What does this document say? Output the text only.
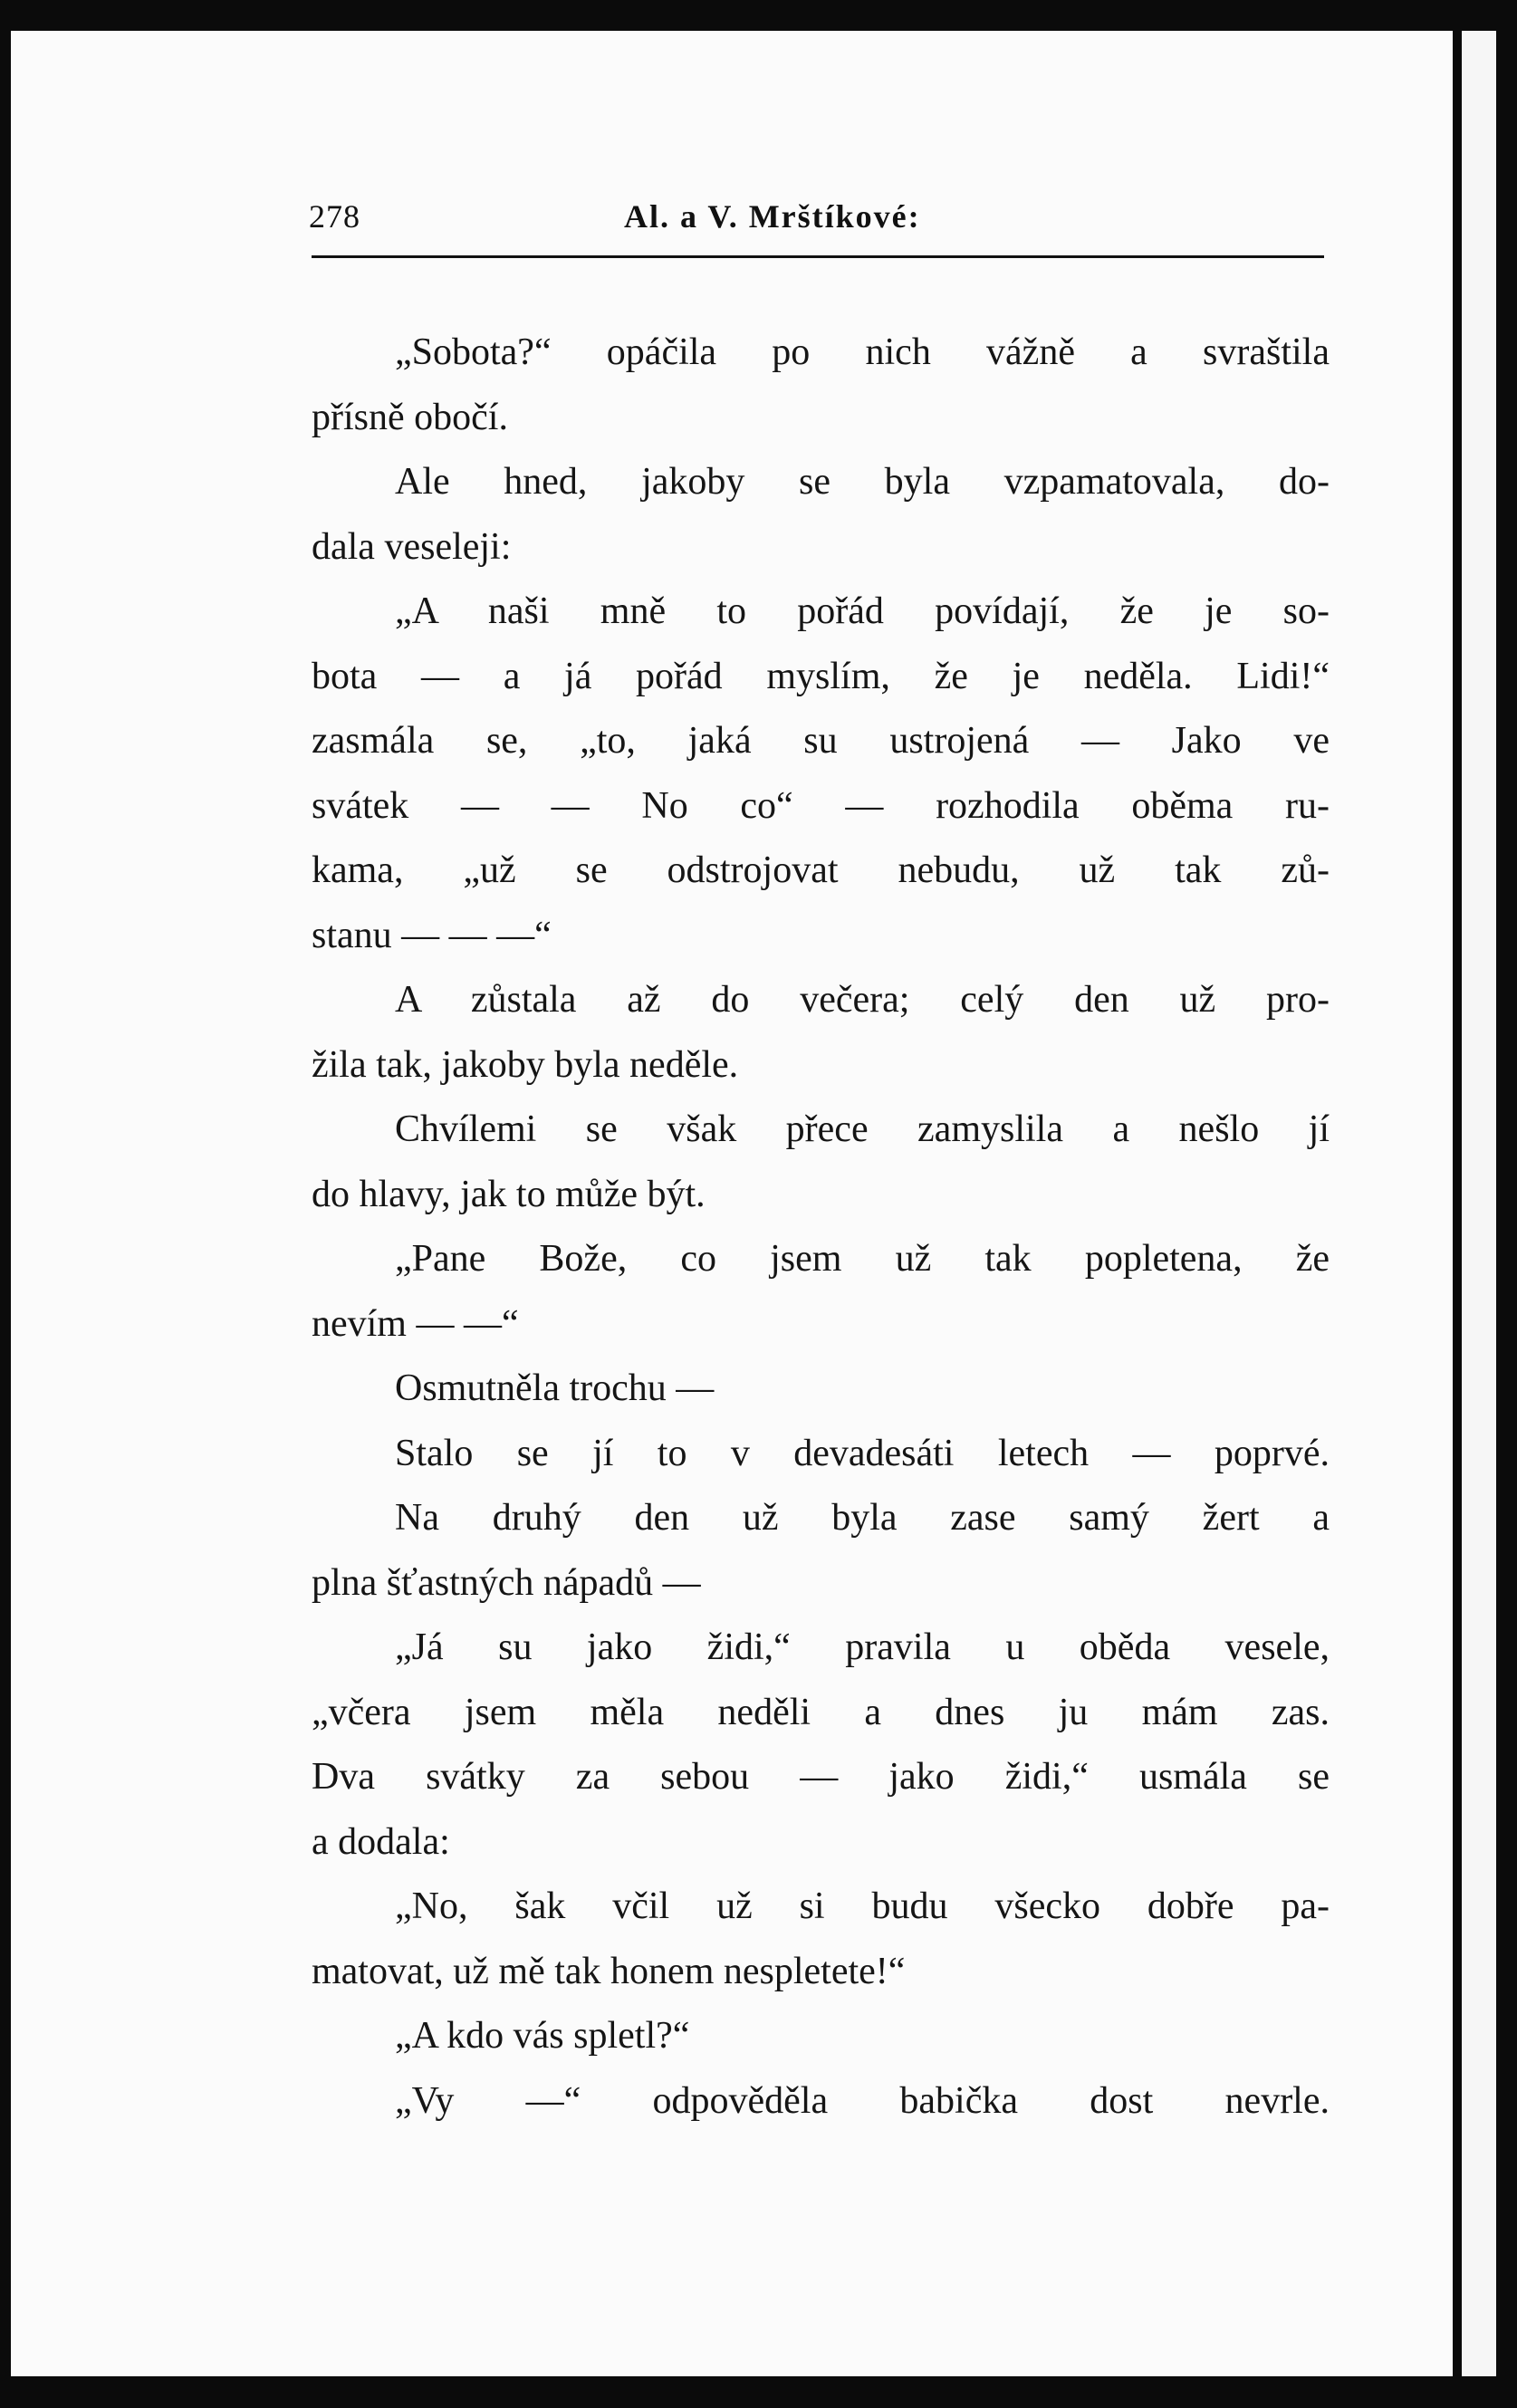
278	Al. a V. Mrštíkové:
„Sobota?“ opáčila po nich vážně a svraštila
přísně obočí.
Ale hned, jakoby se byla vzpamatovala, do-
dala veseleji:
„A naši mně to pořád povídají, že je so-
bota — a já pořád myslím, že je neděla. Lidi!“
zasmála se, „to, jaká su ustrojená — Jako ve
svátek — — No co“ — rozhodila oběma ru-
kama, „už se odstrojovat nebudu, už tak zů-
stanu — — —“
A zůstala až do večera; celý den už pro-
žila tak, jakoby byla neděle.
Chvílemi se však přece zamyslila a nešlo jí
do hlavy, jak to může být.
„Pane Bože, co jsem už tak popletena, že
nevím — —“
Osmutněla trochu —
Stalo se jí to v devadesáti letech — poprvé.
Na druhý den už byla zase samý žert a
plna šťastných nápadů —
„Já su jako židi,“ pravila u oběda vesele,
„včera jsem měla neděli a dnes ju mám zas.
Dva svátky za sebou — jako židi,“ usmála se
a dodala:
„No, šak včil už si budu všecko dobře pa-
matovat, už mě tak honem nespletete!“
„A kdo vás spletl?“
„Vy —“ odpověděla babička dost nevrle.
